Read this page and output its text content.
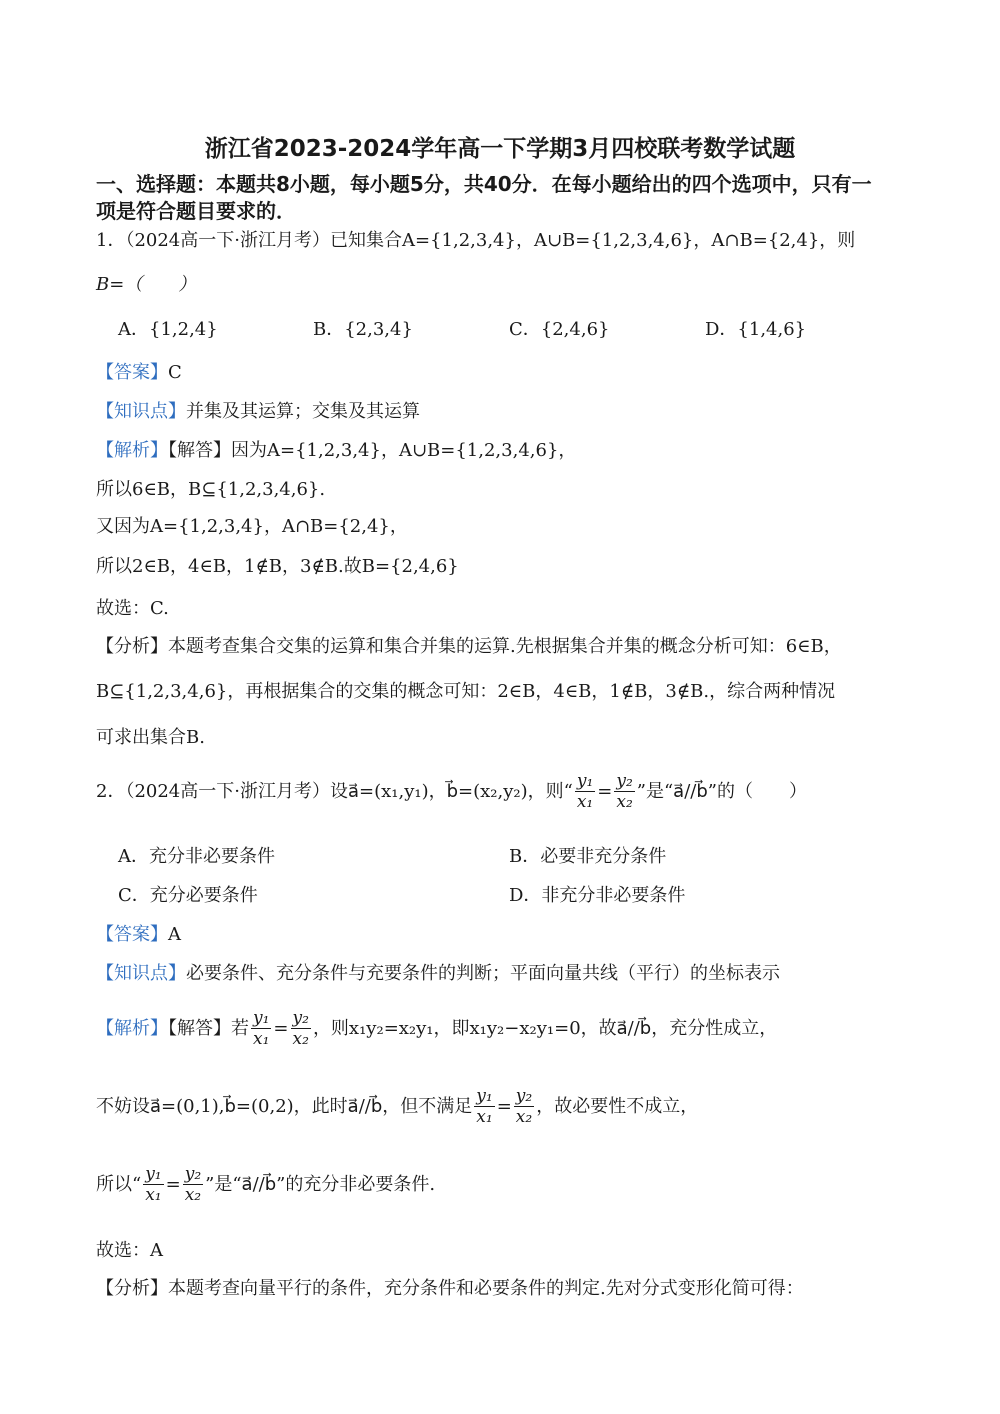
浙江省2023-2024学年高一下学期3月四校联考数学试题
一、选择题：本题共8小题，每小题5分，共40分．在每小题给出的四个选项中，只有一
项是符合题目要求的．
1．（2024高一下·浙江月考）已知集合A={1,2,3,4}，A∪B={1,2,3,4,6}，A∩B={2,4}，则
B=（　　）
A．{1,2,4}	B．{2,3,4}	C．{2,4,6}	D．{1,4,6}
【答案】C
【知识点】并集及其运算；交集及其运算
【解析】【解答】因为A={1,2,3,4}，A∪B={1,2,3,4,6}，
所以6∈B，B⊆{1,2,3,4,6}.
又因为A={1,2,3,4}，A∩B={2,4}，
所以2∈B，4∈B，1∉B，3∉B.故B={2,4,6}
故选：C.
【分析】本题考查集合交集的运算和集合并集的运算.先根据集合并集的概念分析可知：6∈B，
B⊆{1,2,3,4,6}，再根据集合的交集的概念可知：2∈B，4∈B，1∉B，3∉B.，综合两种情况
可求出集合B.
2．（2024高一下·浙江月考）设a⃗=(x₁,y₁)，b⃗=(x₂,y₂)，则“ $\frac{\text{y₁}}{\text{x₁}} = \frac{\text{y₂}}{\text{x₂}}$ ”是“a⃗//b⃗”的（　　）
A．充分非必要条件	B．必要非充分条件
C．充分必要条件	D．非充分非必要条件
【答案】A
【知识点】必要条件、充分条件与充要条件的判断；平面向量共线（平行）的坐标表示
【解析】【解答】若 $\frac{\text{y₁}}{\text{x₁}} = \frac{\text{y₂}}{\text{x₂}}$ ，则x₁y₂=x₂y₁，即x₁y₂−x₂y₁=0，故a⃗//b⃗，充分性成立，
不妨设a⃗=(0,1),b⃗=(0,2)，此时a⃗//b⃗，但不满足 $\frac{\text{y₁}}{\text{x₁}} = \frac{\text{y₂}}{\text{x₂}}$ ，故必要性不成立，
所以“ $\frac{\text{y₁}}{\text{x₁}} = \frac{\text{y₂}}{\text{x₂}}$ ”是“a⃗//b⃗”的充分非必要条件.
故选：A
【分析】本题考查向量平行的条件，充分条件和必要条件的判定.先对分式变形化简可得：
